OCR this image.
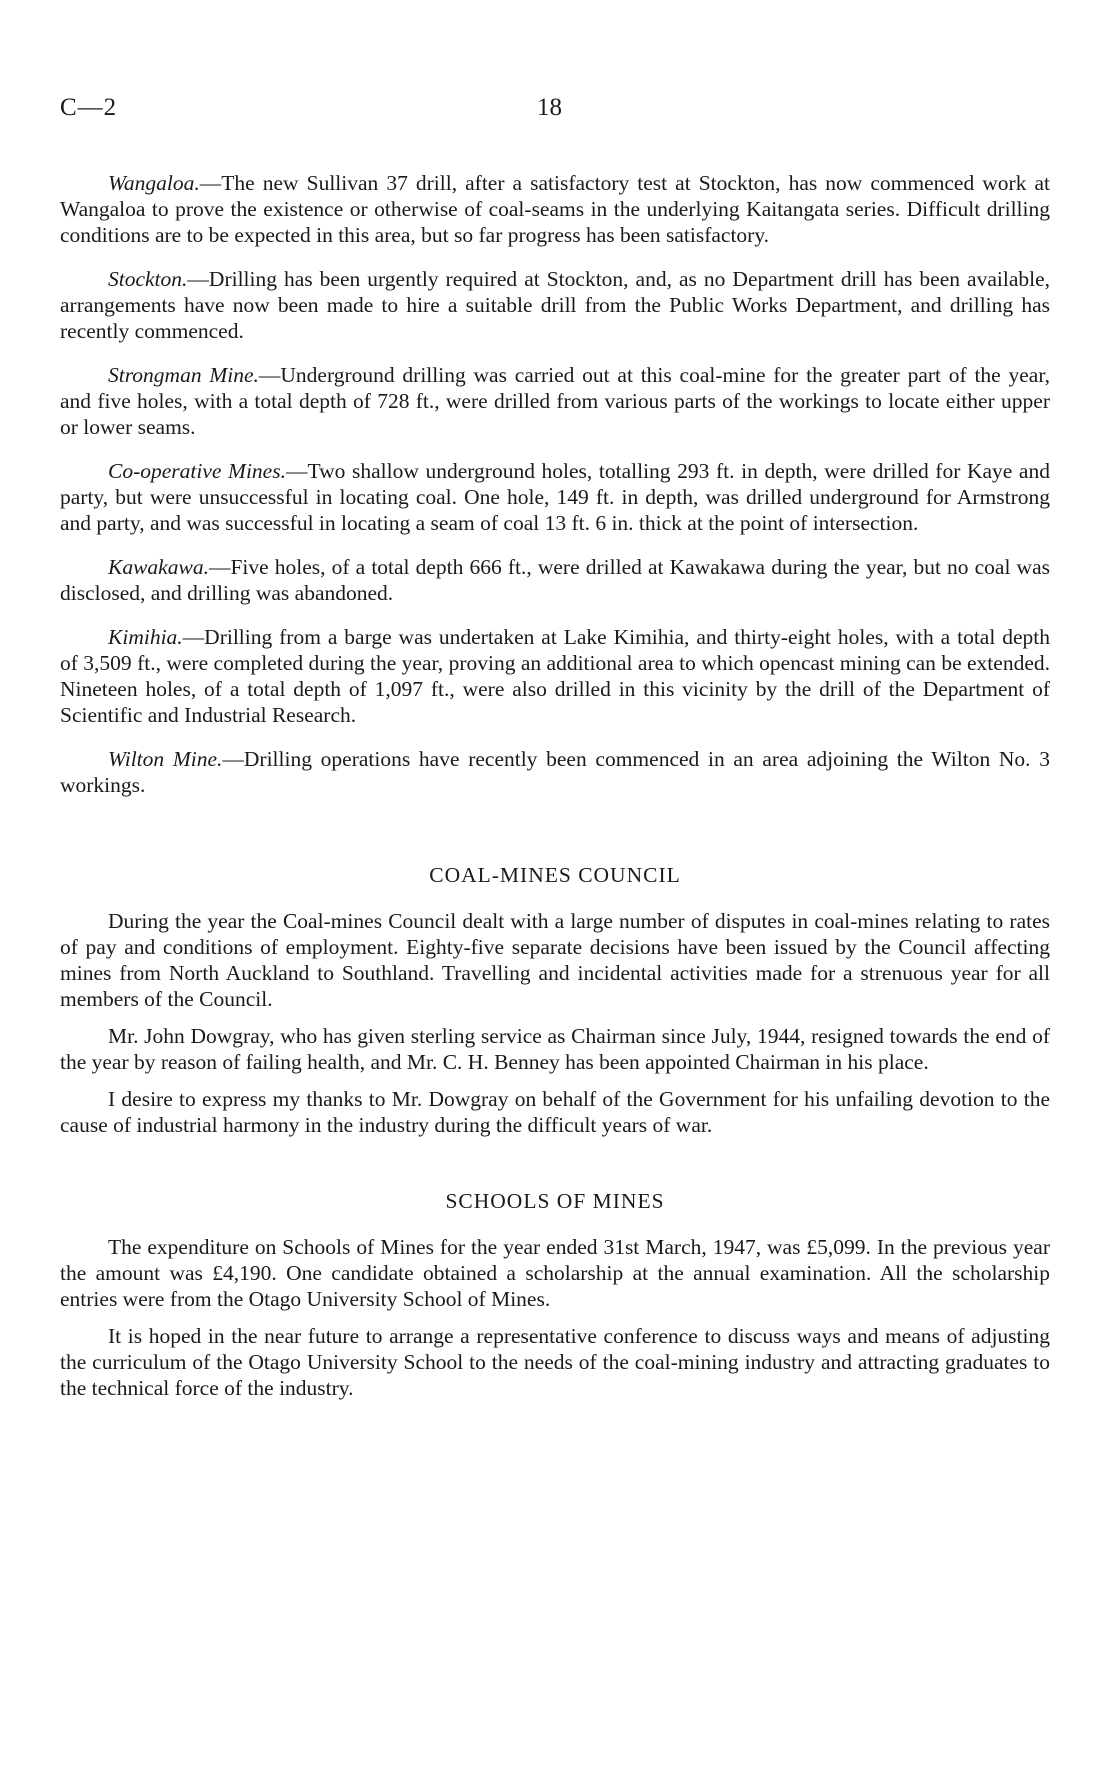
C—2	18

Wangaloa.—The new Sullivan 37 drill, after a satisfactory test at Stockton, has now commenced work at Wangaloa to prove the existence or otherwise of coal-seams in the underlying Kaitangata series. Difficult drilling conditions are to be expected in this area, but so far progress has been satisfactory.

Stockton.—Drilling has been urgently required at Stockton, and, as no Department drill has been available, arrangements have now been made to hire a suitable drill from the Public Works Department, and drilling has recently commenced.

Strongman Mine.—Underground drilling was carried out at this coal-mine for the greater part of the year, and five holes, with a total depth of 728 ft., were drilled from various parts of the workings to locate either upper or lower seams.

Co-operative Mines.—Two shallow underground holes, totalling 293 ft. in depth, were drilled for Kaye and party, but were unsuccessful in locating coal. One hole, 149 ft. in depth, was drilled underground for Armstrong and party, and was successful in locating a seam of coal 13 ft. 6 in. thick at the point of intersection.

Kawakawa.—Five holes, of a total depth 666 ft., were drilled at Kawakawa during the year, but no coal was disclosed, and drilling was abandoned.

Kimihia.—Drilling from a barge was undertaken at Lake Kimihia, and thirty-eight holes, with a total depth of 3,509 ft., were completed during the year, proving an additional area to which opencast mining can be extended. Nineteen holes, of a total depth of 1,097 ft., were also drilled in this vicinity by the drill of the Department of Scientific and Industrial Research.

Wilton Mine.—Drilling operations have recently been commenced in an area adjoining the Wilton No. 3 workings.

COAL-MINES COUNCIL

During the year the Coal-mines Council dealt with a large number of disputes in coal-mines relating to rates of pay and conditions of employment. Eighty-five separate decisions have been issued by the Council affecting mines from North Auckland to Southland. Travelling and incidental activities made for a strenuous year for all members of the Council.

Mr. John Dowgray, who has given sterling service as Chairman since July, 1944, resigned towards the end of the year by reason of failing health, and Mr. C. H. Benney has been appointed Chairman in his place.

I desire to express my thanks to Mr. Dowgray on behalf of the Government for his unfailing devotion to the cause of industrial harmony in the industry during the difficult years of war.

SCHOOLS OF MINES

The expenditure on Schools of Mines for the year ended 31st March, 1947, was £5,099. In the previous year the amount was £4,190. One candidate obtained a scholarship at the annual examination. All the scholarship entries were from the Otago University School of Mines.

It is hoped in the near future to arrange a representative conference to discuss ways and means of adjusting the curriculum of the Otago University School to the needs of the coal-mining industry and attracting graduates to the technical force of the industry.
